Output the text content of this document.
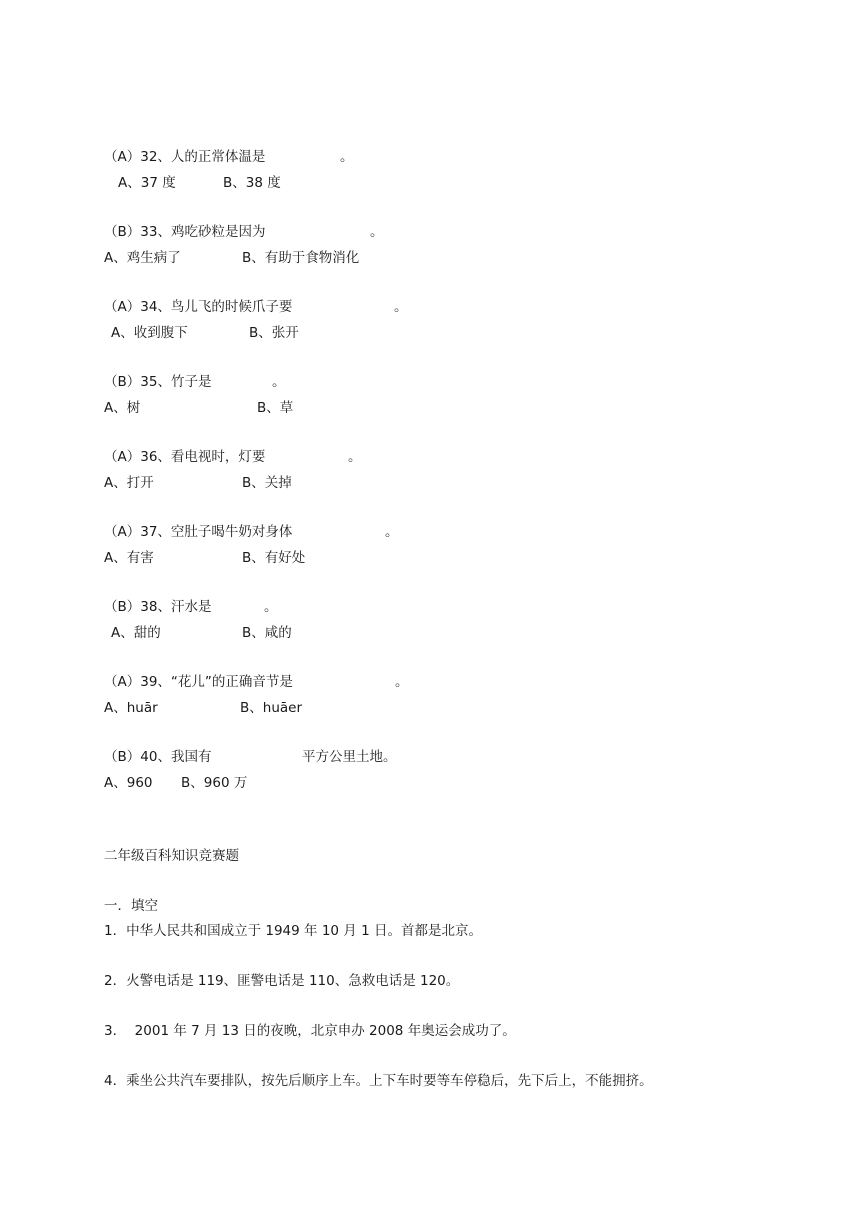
（A）32、人的正常体温是	。
A、37 度	B、38 度
（B）33、鸡吃砂粒是因为	。
A、鸡生病了	B、有助于食物消化
（A）34、鸟儿飞的时候爪子要	。
A、收到腹下	B、张开
（B）35、竹子是	。
A、树	B、草
（A）36、看电视时，灯要	。
A、打开	B、关掉
（A）37、空肚子喝牛奶对身体	。
A、有害	B、有好处
（B）38、汗水是	。
A、甜的	B、咸的
（A）39、“花儿”的正确音节是	。
A、huār	B、huāer
（B）40、我国有	平方公里土地。
A、960 B、960 万
二年级百科知识竞赛题
一．填空
1．中华人民共和国成立于 1949 年 10 月 1 日。首都是北京。
2．火警电话是 119、匪警电话是 110、急救电话是 120。
3．  2001 年 7 月 13 日的夜晚，北京申办 2008 年奥运会成功了。
4．乘坐公共汽车要排队，按先后顺序上车。上下车时要等车停稳后，先下后上，不能拥挤。
